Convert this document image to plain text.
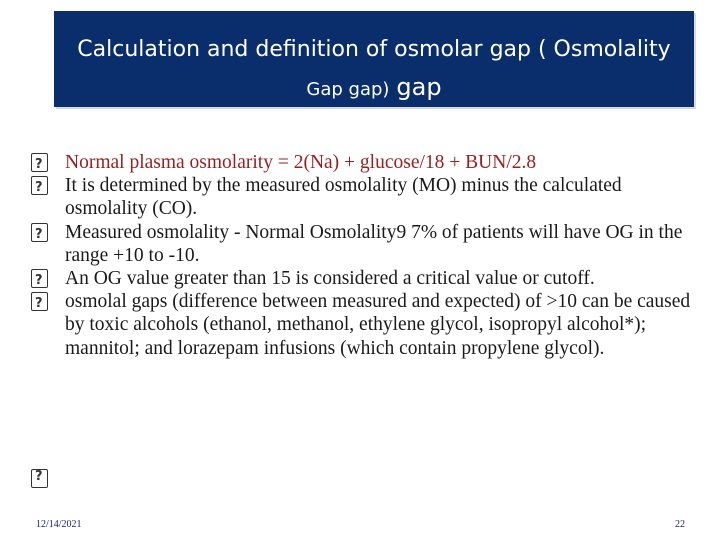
Calculation and definition of osmolar gap ( Osmolality
Gap gap) gap

?
Normal plasma osmolarity = 2(Na) + glucose/18 + BUN/2.8

?
It is determined by the measured osmolality (MO) minus the calculated osmolality (CO).

?
Measured osmolality - Normal Osmolality9 7% of patients will have OG in the range +10 to -10.

?
An OG value greater than 15 is considered a critical value or cutoff.

?
osmolal gaps (difference between measured and expected) of >10 can be caused by toxic alcohols (ethanol, methanol, ethylene glycol, isopropyl alcohol*); mannitol; and lorazepam infusions (which contain propylene glycol).

?
12/14/2021	22
